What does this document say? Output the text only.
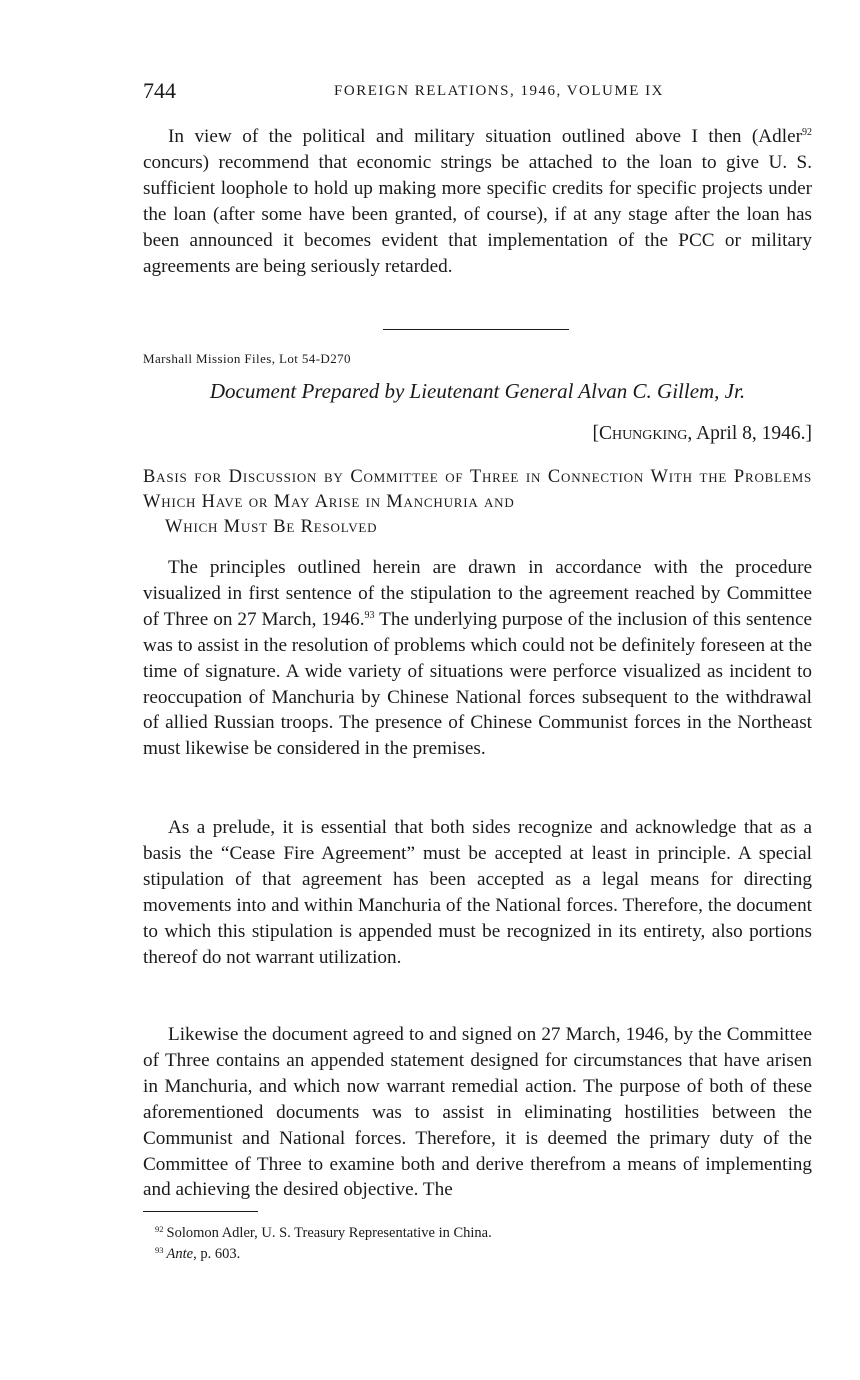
744	FOREIGN RELATIONS, 1946, VOLUME IX

In view of the political and military situation outlined above I then (Adler$^{92}$ concurs) recommend that economic strings be attached to the loan to give U. S. sufficient loophole to hold up making more specific credits for specific projects under the loan (after some have been granted, of course), if at any stage after the loan has been announced it becomes evident that implementation of the PCC or military agreements are being seriously retarded.

Marshall Mission Files, Lot 54-D270
Document Prepared by Lieutenant General Alvan C. Gillem, Jr.
[Chungking, April 8, 1946.]

Basis for Discussion by Committee of Three in Connection With the Problems Which Have or May Arise in Manchuria and
Which Must Be Resolved

The principles outlined herein are drawn in accordance with the procedure visualized in first sentence of the stipulation to the agreement reached by Committee of Three on 27 March, 1946.93 The underlying purpose of the inclusion of this sentence was to assist in the resolution of problems which could not be definitely foreseen at the time of signature. A wide variety of situations were perforce visualized as incident to reoccupation of Manchuria by Chinese National forces subsequent to the withdrawal of allied Russian troops. The presence of Chinese Communist forces in the Northeast must likewise be considered in the premises.

As a prelude, it is essential that both sides recognize and acknowledge that as a basis the “Cease Fire Agreement” must be accepted at least in principle. A special stipulation of that agreement has been accepted as a legal means for directing movements into and within Manchuria of the National forces. Therefore, the document to which this stipulation is appended must be recognized in its entirety, also portions thereof do not warrant utilization.

Likewise the document agreed to and signed on 27 March, 1946, by the Committee of Three contains an appended statement designed for circumstances that have arisen in Manchuria, and which now warrant remedial action. The purpose of both of these aforementioned documents was to assist in eliminating hostilities between the Communist and National forces. Therefore, it is deemed the primary duty of the Committee of Three to examine both and derive therefrom a means of implementing and achieving the desired objective. The

$^{92}$ Solomon Adler, U. S. Treasury Representative in China.
$^{93}$ Ante, p. 603.
